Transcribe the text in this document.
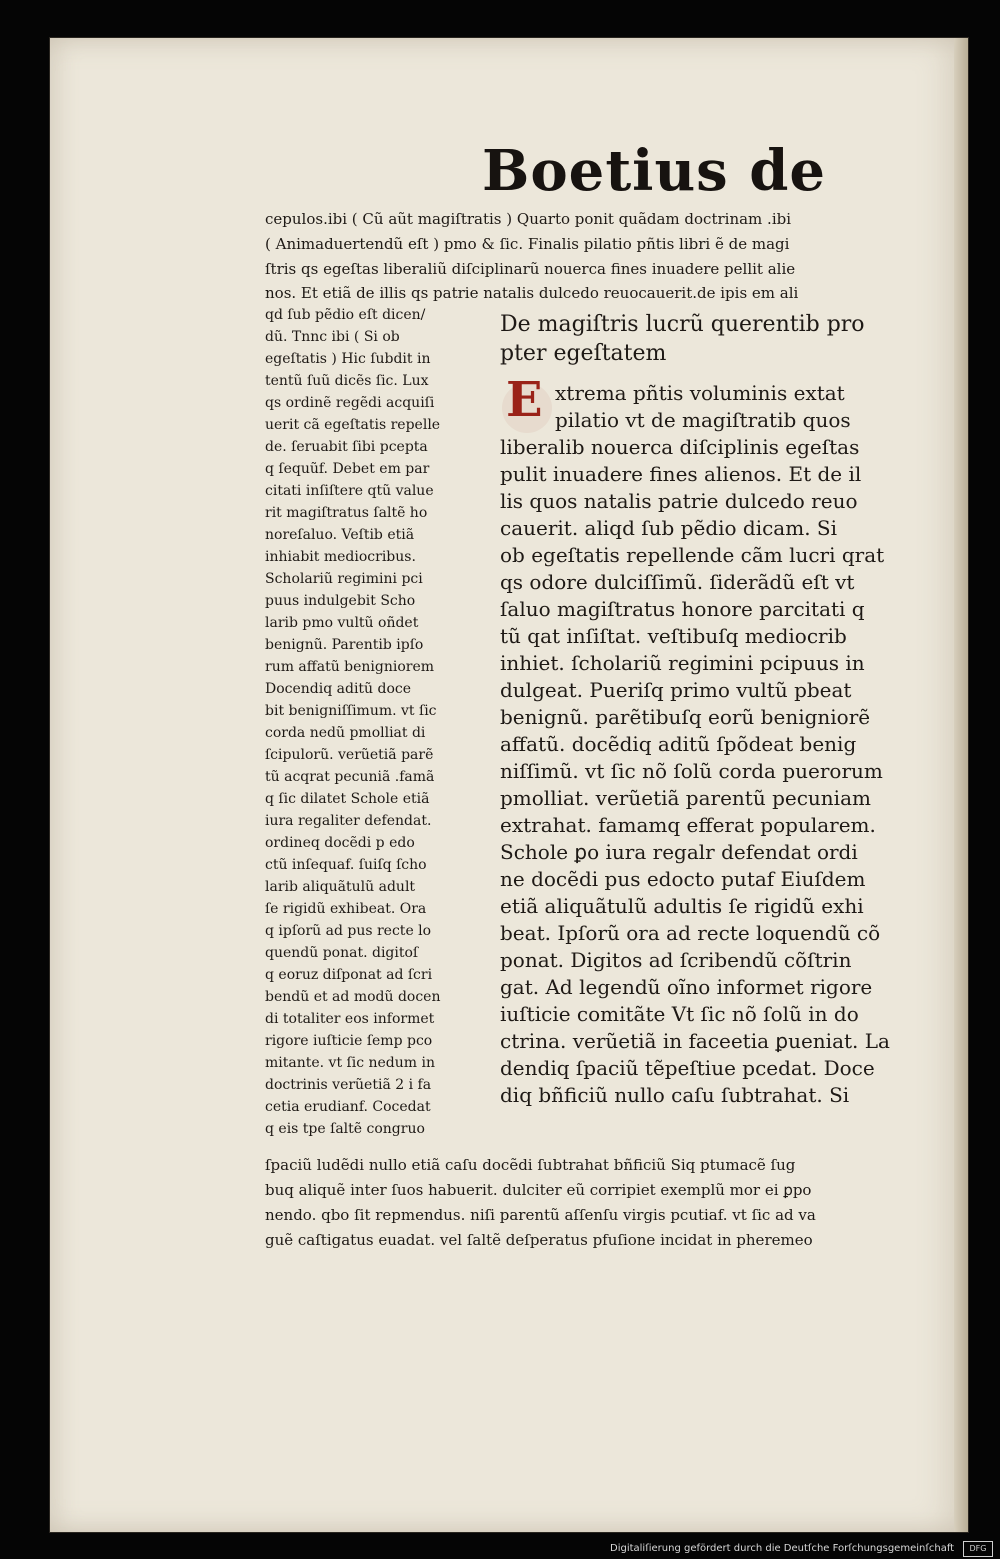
Boetius de
cepulos.ibi ( Cũ aũt magiſtratis ) Quarto ponit quãdam doctrinam .ibi
( Animaduertendũ eſt ) pmo & ſic. Finalis pilatio pñtis libri ẽ de magi
ſtris qs egeſtas liberaliũ diſciplinarũ nouerca fines inuadere pellit alie
nos. Et etiã de illis qs patrie natalis dulcedo reuocauerit.de ipis em ali
qd ſub pẽdio eſt dicen/
dũ. Tnnc ibi ( Si ob
egeſtatis ) Hic ſubdit in
tentũ ſuũ dicẽs ſic. Lux
qs ordinẽ regẽdi acquiſi
uerit cã egeſtatis repelle
de. ſeruabit ſibi pcepta
q ſequũf. Debet em par
citati inſiſtere qtũ value
rit magiſtratus ſaltẽ ho
noreſaluo. Veſtib etiã
inhiabit mediocribus.
Scholariũ regimini pci
puus indulgebit Scho
larib pmo vultũ oñdet
benignũ. Parentib ipſo
rum affatũ benigniorem
Docendiq aditũ doce
bit benigniſſimum. vt ſic
corda nedũ pmolliat di
ſcipulorũ. verũetiã parẽ
tũ acqrat pecuniã .famã
q ſic dilatet Schole etiã
iura regaliter defendat.
ordineq docẽdi p edo
ctũ inſequaf. ſuiſq ſcho
larib aliquãtulũ adult
ſe rigidũ exhibeat. Ora
q ipſorũ ad pus recte lo
quendũ ponat. digitoſ
q eoruz diſponat ad ſcri
bendũ et ad modũ docen
di totaliter eos informet
rigore iuſticie ſemp pco
mitante. vt ſic nedum in
doctrinis verũetiã 2 i fa
cetia erudianf. Cocedat
q eis tpe ſaltẽ congruo
De magiſtris lucrũ querentib pro
pter egeſtatem
E xtrema pñtis voluminis extat
pilatio vt de magiſtratib quos
liberalib nouerca diſciplinis egeſtas
pulit inuadere fines alienos. Et de il
lis quos natalis patrie dulcedo reuo
cauerit. aliqd ſub pẽdio dicam. Si
ob egeſtatis repellende cãm lucri qrat
qs odore dulciſſimũ. ſiderãdũ eſt vt
ſaluo magiſtratus honore parcitati q
tũ qat inſiſtat. veſtibuſq mediocrib
inhiet. ſcholariũ regimini pcipuus in
dulgeat. Pueriſq primo vultũ pbeat
benignũ. parẽtibuſq eorũ benigniorẽ
affatũ. docẽdiq aditũ ſpõdeat benig
niſſimũ. vt ſic nõ ſolũ corda puerorum
pmolliat. verũetiã parentũ pecuniam
extrahat. famamq efferat popularem.
Schole ꝑo iura regalr defendat ordi
ne docẽdi pus edocto putaf Eiuſdem
etiã aliquãtulũ adultis ſe rigidũ exhi
beat. Ipſorũ ora ad recte loquendũ cõ
ponat. Digitos ad ſcribendũ cõſtrin
gat. Ad legendũ oĩno informet rigore
iuſticie comitãte Vt ſic nõ ſolũ in do
ctrina. verũetiã in faceetia ꝑueniat. La
dendiq ſpaciũ tẽpeſtiue pcedat. Doce
diq bñficiũ nullo caſu ſubtrahat. Si
ſpaciũ ludẽdi nullo etiã caſu docẽdi ſubtrahat bñficiũ Siq ptumacẽ ſug
buq aliquẽ inter ſuos habuerit. dulciter eũ corripiet exemplũ mor ei ꝑpo
nendo. qbo ſit repmendus. niſi parentũ aſſenſu virgis pcutiaf. vt ſic ad va
guẽ caſtigatus euadat. vel ſaltẽ deſperatus pfuſione incidat in pheremeo
Digitaliſierung gefördert durch die Deutſche Forſchungsgemeinſchaft	DFG
